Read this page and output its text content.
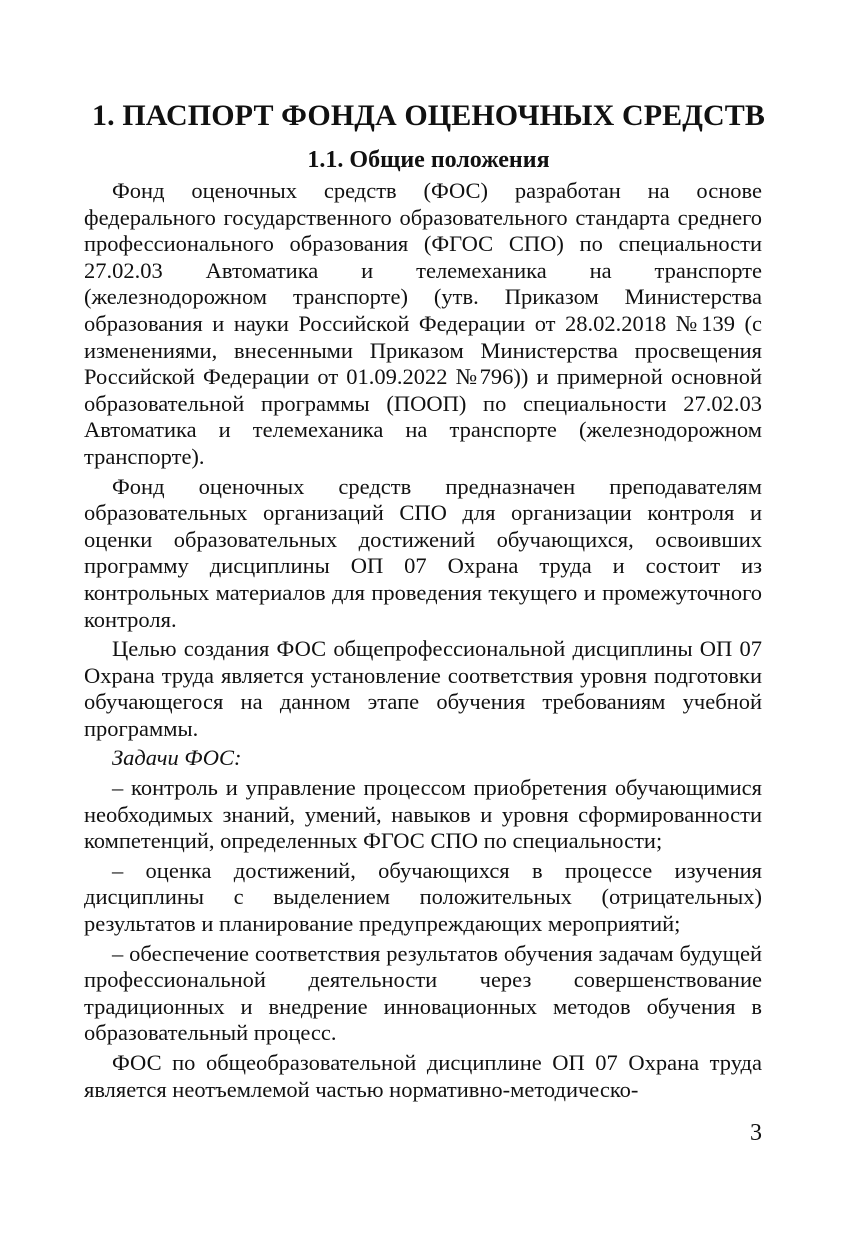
1. ПАСПОРТ ФОНДА ОЦЕНОЧНЫХ СРЕДСТВ
1.1. Общие положения

Фонд оценочных средств (ФОС) разработан на основе федерального государственного образовательного стандарта среднего профессионального образования (ФГОС СПО) по специальности 27.02.03 Автоматика и телемеханика на транспорте (железнодорожном транспорте) (утв. Приказом Министерства образования и науки Российской Федерации от 28.02.2018 №139 (с изменениями, внесенными Приказом Министерства просвещения Российской Федерации от 01.09.2022 №796)) и примерной основной образовательной программы (ПООП) по специальности 27.02.03 Автоматика и телемеханика на транспорте (железнодорожном транспорте).

Фонд оценочных средств предназначен преподавателям образовательных организаций СПО для организации контроля и оценки образовательных достижений обучающихся, освоивших программу дисциплины ОП 07 Охрана труда и состоит из контрольных материалов для проведения текущего и промежуточного контроля.

Целью создания ФОС общепрофессиональной дисциплины ОП 07 Охрана труда является установление соответствия уровня подготовки обучающегося на данном этапе обучения требованиям учебной программы.

Задачи ФОС:

– контроль и управление процессом приобретения обучающимися необходимых знаний, умений, навыков и уровня сформированности компетенций, определенных ФГОС СПО по специальности;

– оценка достижений, обучающихся в процессе изучения дисциплины с выделением положительных (отрицательных) результатов и планирование предупреждающих мероприятий;

– обеспечение соответствия результатов обучения задачам будущей профессиональной деятельности через совершенствование традиционных и внедрение инновационных методов обучения в образовательный процесс.

ФОС по общеобразовательной дисциплине ОП 07 Охрана труда является неотъемлемой частью нормативно-методическо-

3
